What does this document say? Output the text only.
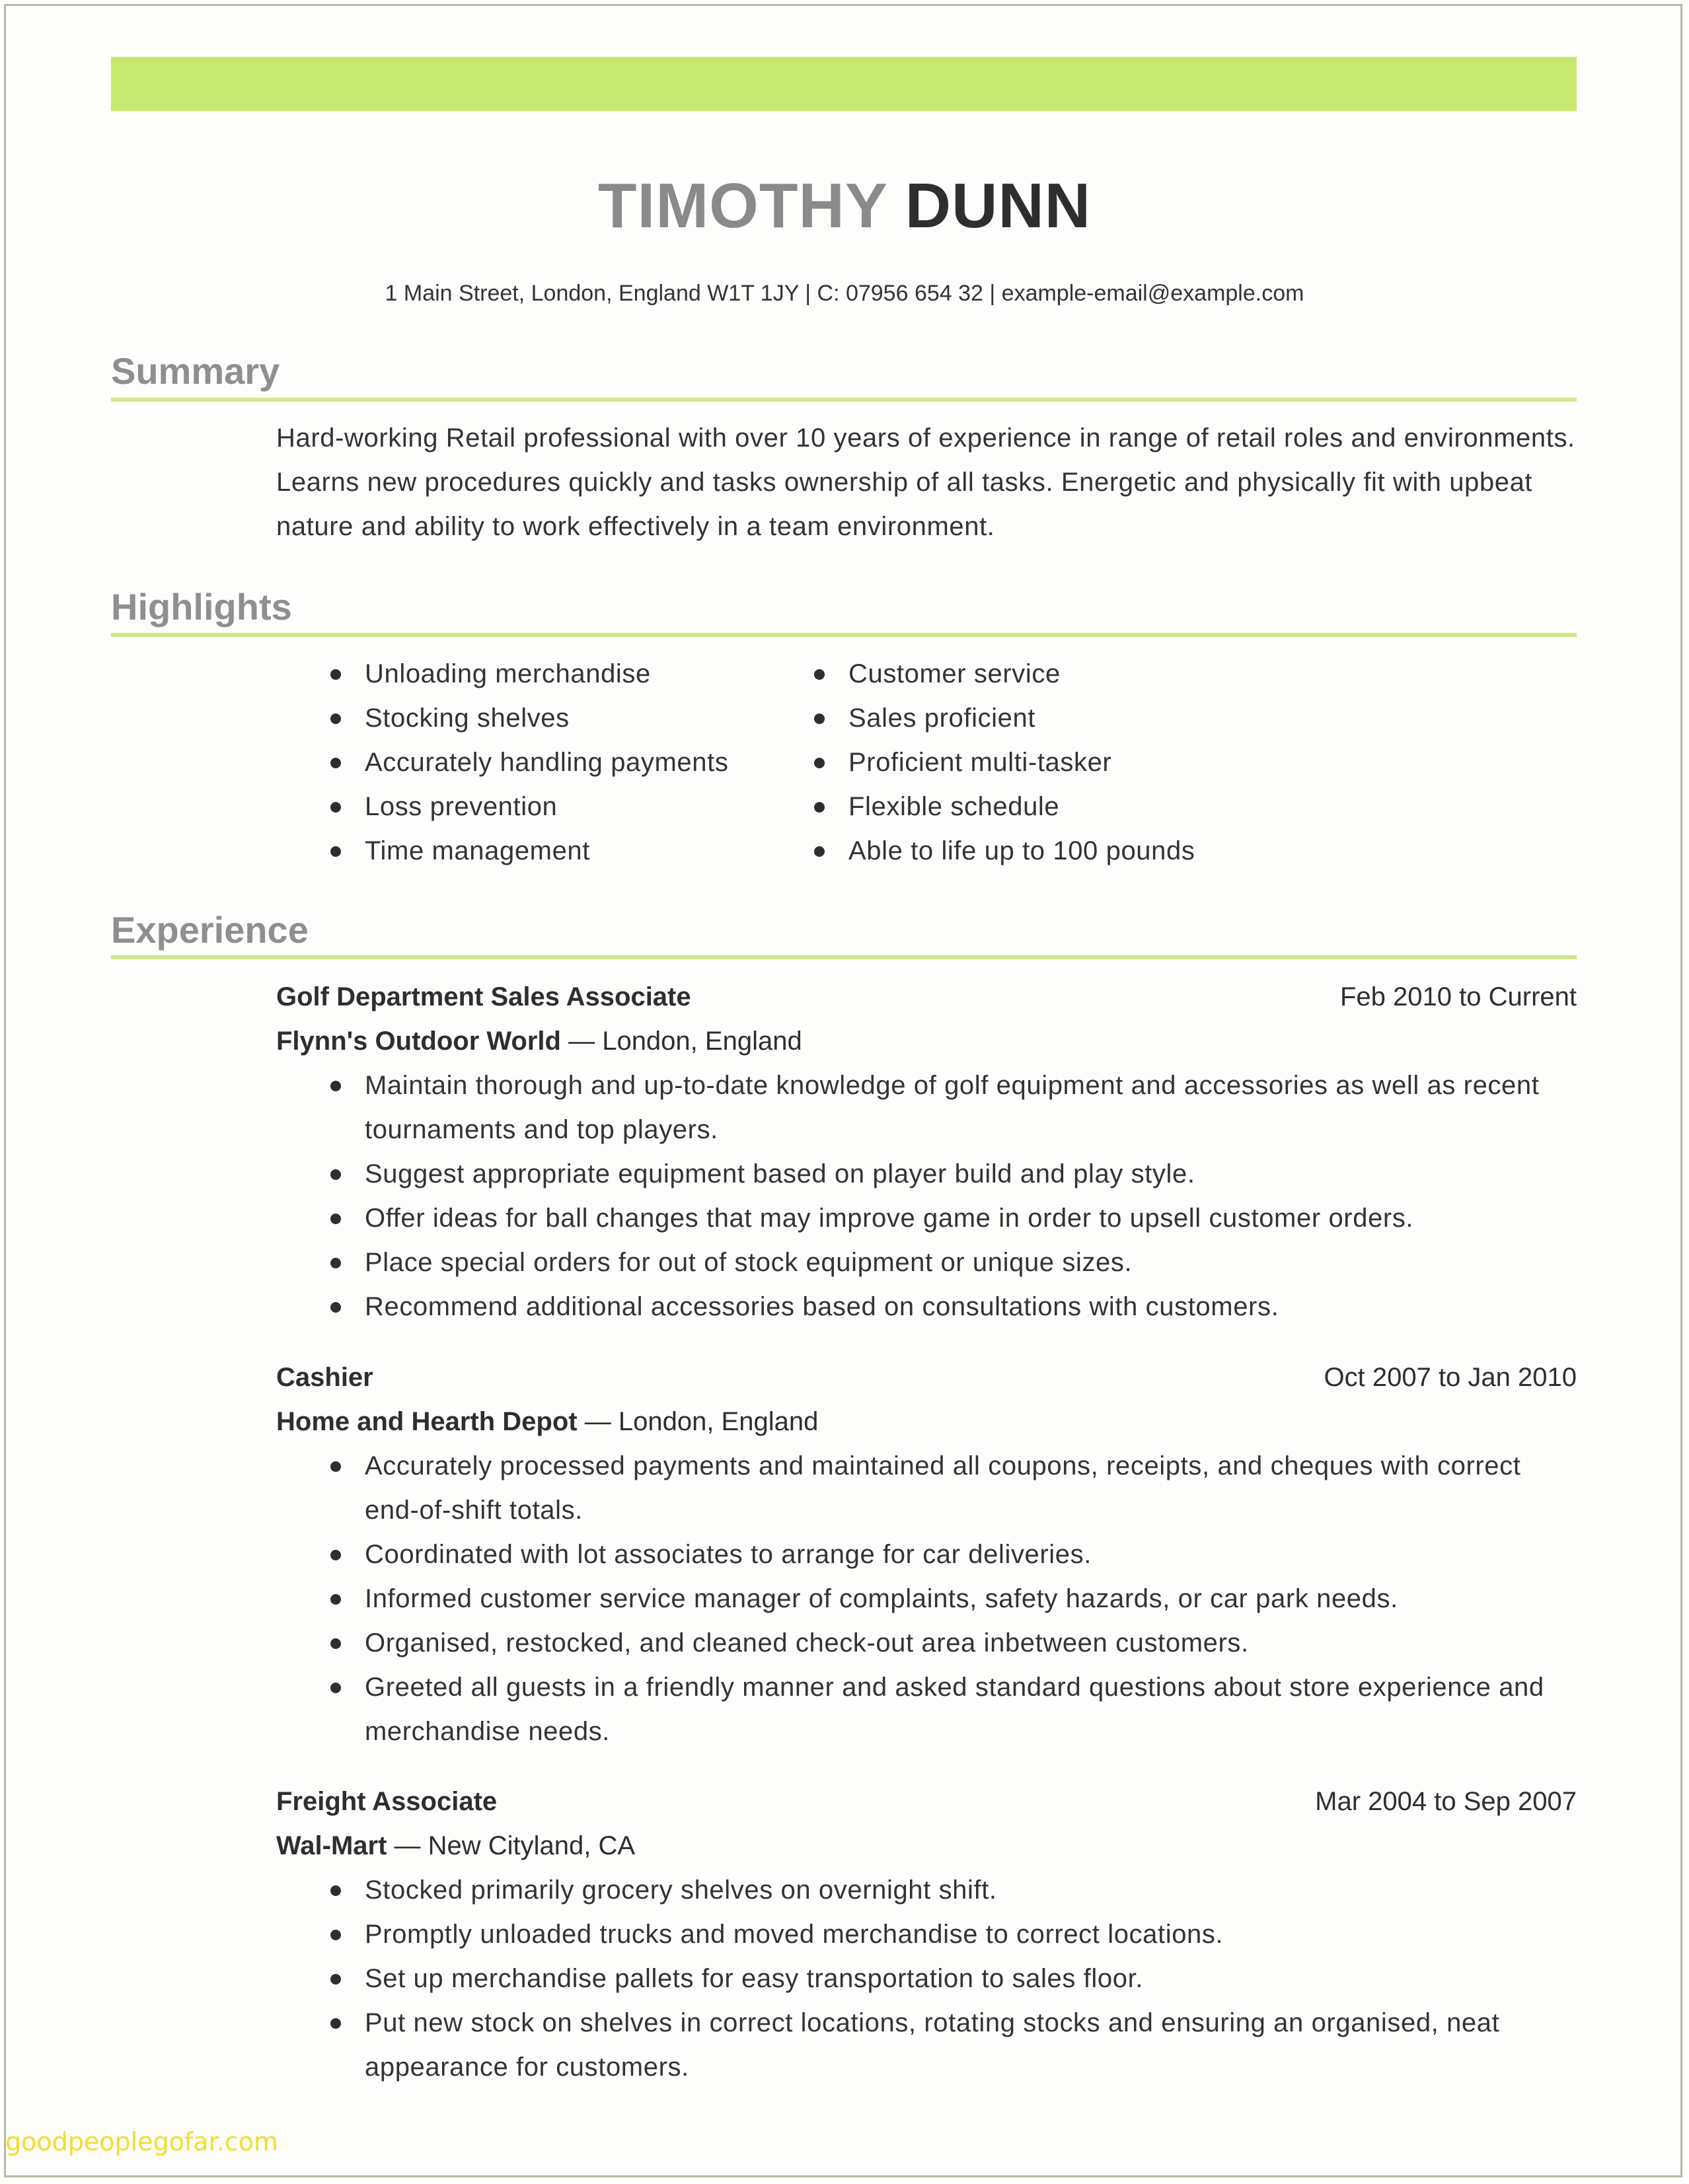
TIMOTHY DUNN
1 Main Street, London, England W1T 1JY | C: 07956 654 32 | example-email@example.com
Summary
Hard-working Retail professional with over 10 years of experience in range of retail roles and environments. Learns new procedures quickly and tasks ownership of all tasks. Energetic and physically fit with upbeat nature and ability to work effectively in a team environment.
Highlights
Unloading merchandise
Stocking shelves
Accurately handling payments
Loss prevention
Time management
Customer service
Sales proficient
Proficient multi-tasker
Flexible schedule
Able to life up to 100 pounds
Experience
Golf Department Sales Associate	Feb 2010 to Current
Flynn's Outdoor World — London, England
Maintain thorough and up-to-date knowledge of golf equipment and accessories as well as recent tournaments and top players.
Suggest appropriate equipment based on player build and play style.
Offer ideas for ball changes that may improve game in order to upsell customer orders.
Place special orders for out of stock equipment or unique sizes.
Recommend additional accessories based on consultations with customers.
Cashier	Oct 2007 to Jan 2010
Home and Hearth Depot — London, England
Accurately processed payments and maintained all coupons, receipts, and cheques with correct end-of-shift totals.
Coordinated with lot associates to arrange for car deliveries.
Informed customer service manager of complaints, safety hazards, or car park needs.
Organised, restocked, and cleaned check-out area inbetween customers.
Greeted all guests in a friendly manner and asked standard questions about store experience and merchandise needs.
Freight Associate	Mar 2004 to Sep 2007
Wal-Mart — New Cityland, CA
Stocked primarily grocery shelves on overnight shift.
Promptly unloaded trucks and moved merchandise to correct locations.
Set up merchandise pallets for easy transportation to sales floor.
Put new stock on shelves in correct locations, rotating stocks and ensuring an organised, neat appearance for customers.
goodpeoplegofar.com
